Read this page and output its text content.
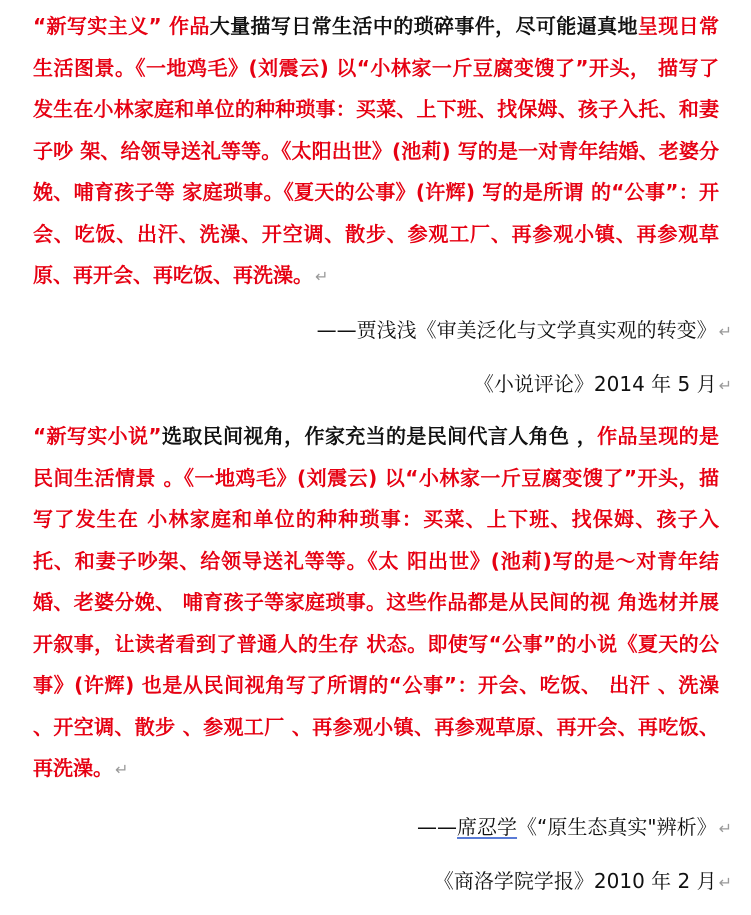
“新写实主义” 作品大量描写日常生活中的琐碎事件，尽可能逼真地呈现日常生活图景。《一地鸡毛》(刘震云) 以“小林家一斤豆腐变馊了”开头， 描写了发生在小林家庭和单位的种种琐事：买菜、上下班、找保姆、孩子入托、和妻子吵 架、给领导送礼等等。《太阳出世》(池莉) 写的是一对青年结婚、老婆分娩、哺育孩子等 家庭琐事。《夏天的公事》(许辉) 写的是所谓 的“公事”：开会、吃饭、出汗、洗澡、开空调、散步、参观工厂、再参观小镇、再参观草原、再开会、再吃饭、再洗澡。 ↵
——贾浅浅《审美泛化与文学真实观的转变》 ↵
《小说评论》2014 年 5 月 ↵
“新写实小说”选取民间视角，作家充当的是民间代言人角色 ，作品呈现的是民间生活情景 。《一地鸡毛》(刘震云) 以“小林家一斤豆腐变馊了”开头，描写了发生在 小林家庭和单位的种种琐事：买菜、上下班、找保姆、孩子入托、和妻子吵架、给领导送礼等等。《太 阳出世》(池莉)写的是～对青年结婚、老婆分娩、 哺育孩子等家庭琐事。这些作品都是从民间的视 角选材并展开叙事，让读者看到了普通人的生存 状态。即使写“公事”的小说《夏天的公事》(许辉) 也是从民间视角写了所谓的“公事”：开会、吃饭、 出汗 、洗澡 、开空调、散步 、参观工厂 、再参观小镇、再参观草原、再开会、再吃饭、再洗澡。 ↵
——席忍学《“原生态真实"辨析》 ↵
《商洛学院学报》2010 年 2 月 ↵
